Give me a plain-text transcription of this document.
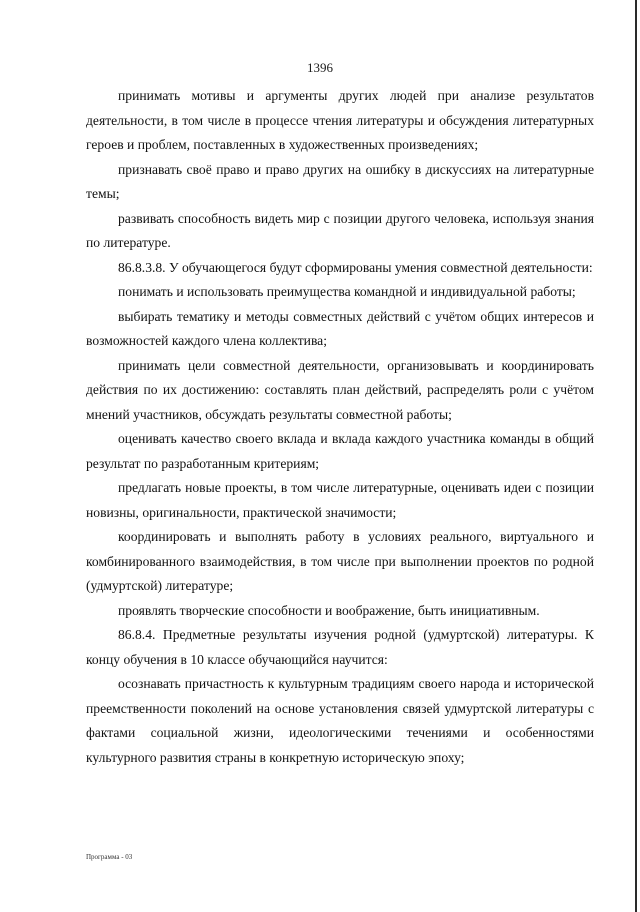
1396

принимать мотивы и аргументы других людей при анализе результатов деятельности, в том числе в процессе чтения литературы и обсуждения литературных героев и проблем, поставленных в художественных произведениях;

признавать своё право и право других на ошибку в дискуссиях на литературные темы;

развивать способность видеть мир с позиции другого человека, используя знания по литературе.

86.8.3.8. У обучающегося будут сформированы умения совместной деятельности:

понимать и использовать преимущества командной и индивидуальной работы;

выбирать тематику и методы совместных действий с учётом общих интересов и возможностей каждого члена коллектива;

принимать цели совместной деятельности, организовывать и координировать действия по их достижению: составлять план действий, распределять роли с учётом мнений участников, обсуждать результаты совместной работы;

оценивать качество своего вклада и вклада каждого участника команды в общий результат по разработанным критериям;

предлагать новые проекты, в том числе литературные, оценивать идеи с позиции новизны, оригинальности, практической значимости;

координировать и выполнять работу в условиях реального, виртуального и комбинированного взаимодействия, в том числе при выполнении проектов по родной (удмуртской) литературе;

проявлять творческие способности и воображение, быть инициативным.

86.8.4. Предметные результаты изучения родной (удмуртской) литературы. К концу обучения в 10 классе обучающийся научится:

осознавать причастность к культурным традициям своего народа и исторической преемственности поколений на основе установления связей удмуртской литературы с фактами социальной жизни, идеологическими течениями и особенностями культурного развития страны в конкретную историческую эпоху;

Программа - 03
